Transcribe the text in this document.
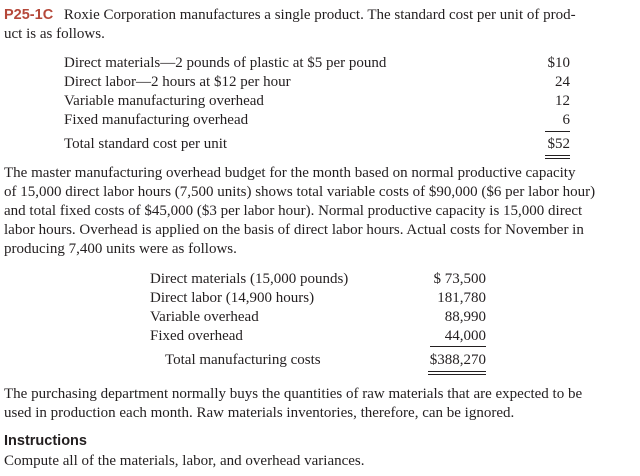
P25-1C Roxie Corporation manufactures a single product. The standard cost per unit of prod-
uct is as follows.
Direct materials—2 pounds of plastic at $5 per pound	$10
Direct labor—2 hours at $12 per hour	24
Variable manufacturing overhead	12
Fixed manufacturing overhead	6
Total standard cost per unit	$52
The master manufacturing overhead budget for the month based on normal productive capacity
of 15,000 direct labor hours (7,500 units) shows total variable costs of $90,000 ($6 per labor hour)
and total fixed costs of $45,000 ($3 per labor hour). Normal productive capacity is 15,000 direct
labor hours. Overhead is applied on the basis of direct labor hours. Actual costs for November in
producing 7,400 units were as follows.
Direct materials (15,000 pounds)	$ 73,500
Direct labor (14,900 hours)	181,780
Variable overhead	88,990
Fixed overhead	44,000
Total manufacturing costs	$388,270
The purchasing department normally buys the quantities of raw materials that are expected to be
used in production each month. Raw materials inventories, therefore, can be ignored.
Instructions
Compute all of the materials, labor, and overhead variances.
